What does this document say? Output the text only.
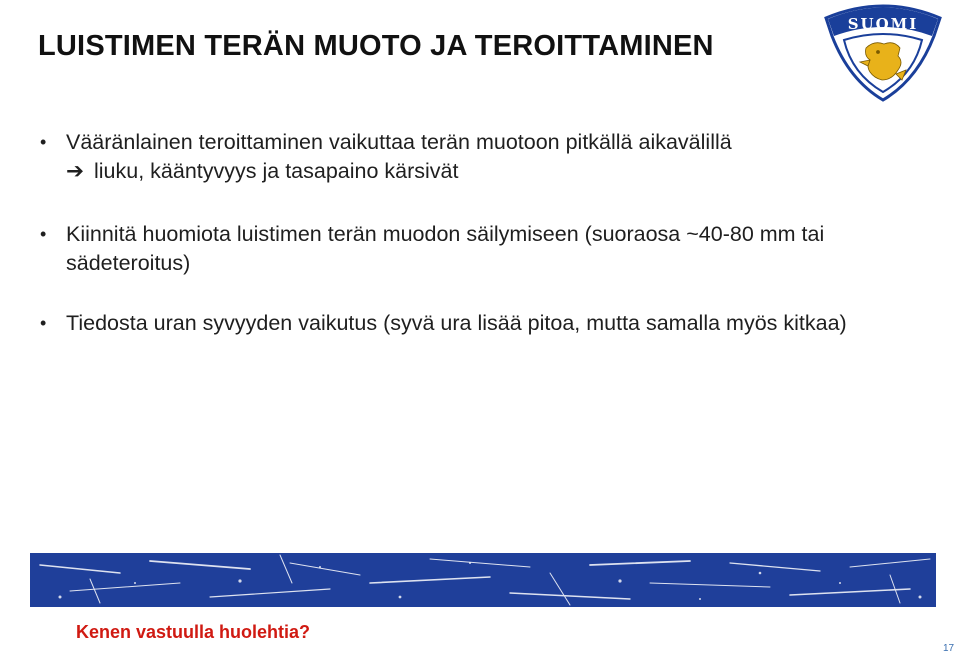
LUISTIMEN TERÄN MUOTO JA TEROITTAMINEN
SUOMI
• Vääränlainen teroittaminen vaikuttaa terän muotoon pitkällä aikavälillä
➔ liuku, kääntyvyys ja tasapaino kärsivät
• Kiinnitä huomiota luistimen terän muodon säilymiseen (suoraosa ~40-80 mm tai sädeteroitus)
• Tiedosta uran syvyyden vaikutus (syvä ura lisää pitoa, mutta samalla myös kitkaa)
Kenen vastuulla huolehtia?
17
